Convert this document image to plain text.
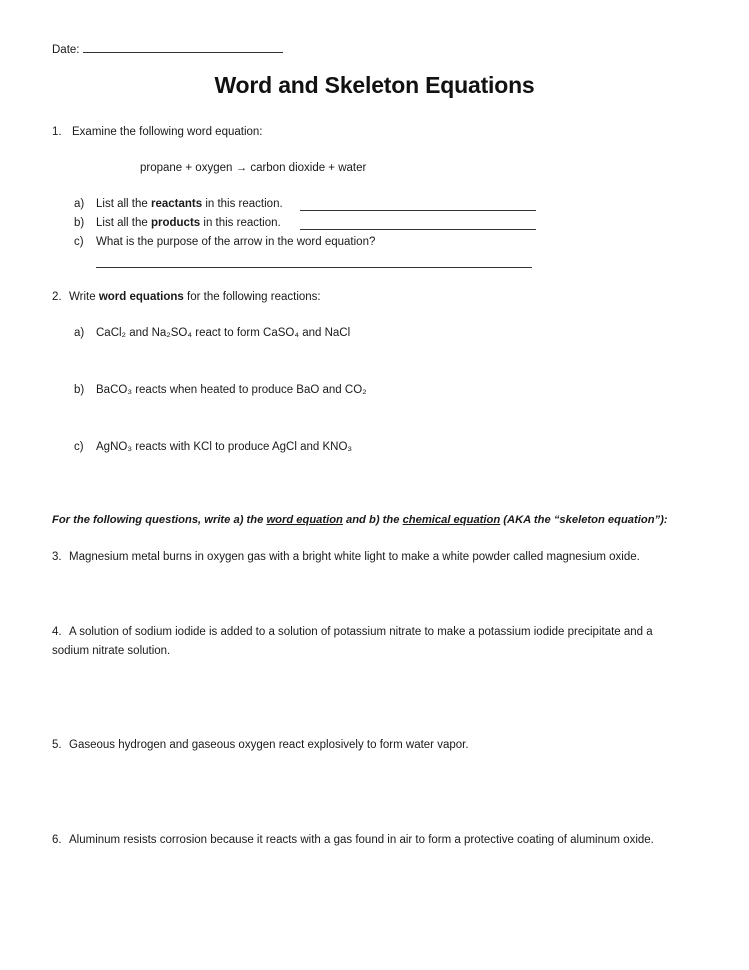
Date:
Word and Skeleton Equations
1. Examine the following word equation:
propane + oxygen → carbon dioxide + water
a) List all the reactants in this reaction.
b) List all the products in this reaction.
c) What is the purpose of the arrow in the word equation?
2. Write word equations for the following reactions:
a) CaCl₂ and Na₂SO₄ react to form CaSO₄ and NaCl
b) BaCO₃ reacts when heated to produce BaO and CO₂
c) AgNO₃ reacts with KCl to produce AgCl and KNO₃
For the following questions, write a) the word equation and b) the chemical equation (AKA the “skeleton equation”):
3. Magnesium metal burns in oxygen gas with a bright white light to make a white powder called magnesium oxide.
4. A solution of sodium iodide is added to a solution of potassium nitrate to make a potassium iodide precipitate and a
sodium nitrate solution.
5. Gaseous hydrogen and gaseous oxygen react explosively to form water vapor.
6. Aluminum resists corrosion because it reacts with a gas found in air to form a protective coating of aluminum oxide.
